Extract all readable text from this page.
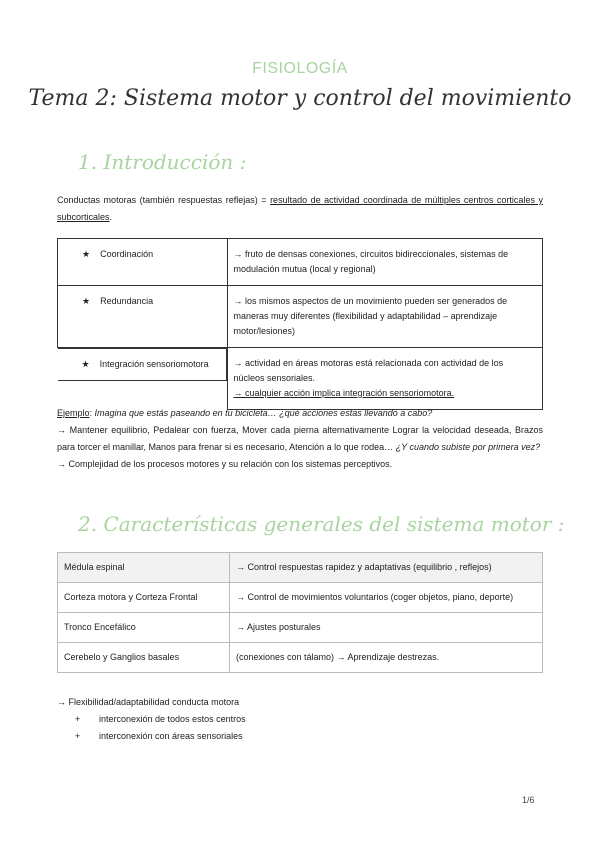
FISIOLOGÍA
Tema 2: Sistema motor y control del movimiento
1. Introducción :
Conductas motoras (también respuestas reflejas) = resultado de actividad coordinada de múltiples centros corticales y subcorticales.
★ Coordinación	→ fruto de densas conexiones, circuitos bidireccionales, sistemas de modulación mutua (local y regional)
★ Redundancia	→ los mismos aspectos de un movimiento pueden ser generados de maneras muy diferentes (flexibilidad y adaptabilidad – aprendizaje motor/lesiones)

★ Integración sensoriomotora	→ actividad en áreas motoras está relacionada con actividad de los núcleos sensoriales.
→ cualquier acción implica integración sensoriomotora.
Ejemplo: Imagina que estás paseando en tu bicicleta… ¿qué acciones estas llevando a cabo?
→ Mantener equilibrio, Pedalear con fuerza, Mover cada pierna alternativamente Lograr la velocidad deseada, Brazos para torcer el manillar, Manos para frenar si es necesario, Atención a lo que rodea… ¿Y cuando subiste por primera vez?
→ Complejidad de los procesos motores y su relación con los sistemas perceptivos.
2. Características generales del sistema motor :
Médula espinal	→ Control respuestas rapidez y adaptativas (equilibrio , reflejos)
Corteza motora y Corteza Frontal	→ Control de movimientos voluntarios (coger objetos, piano, deporte)
Tronco Encefálico	→ Ajustes posturales
Cerebelo y Ganglios basales	(conexiones con tálamo) → Aprendizaje destrezas.
→ Flexibilidad/adaptabilidad conducta motora
+ interconexión de todos estos centros
+ interconexión con áreas sensoriales
1/6
